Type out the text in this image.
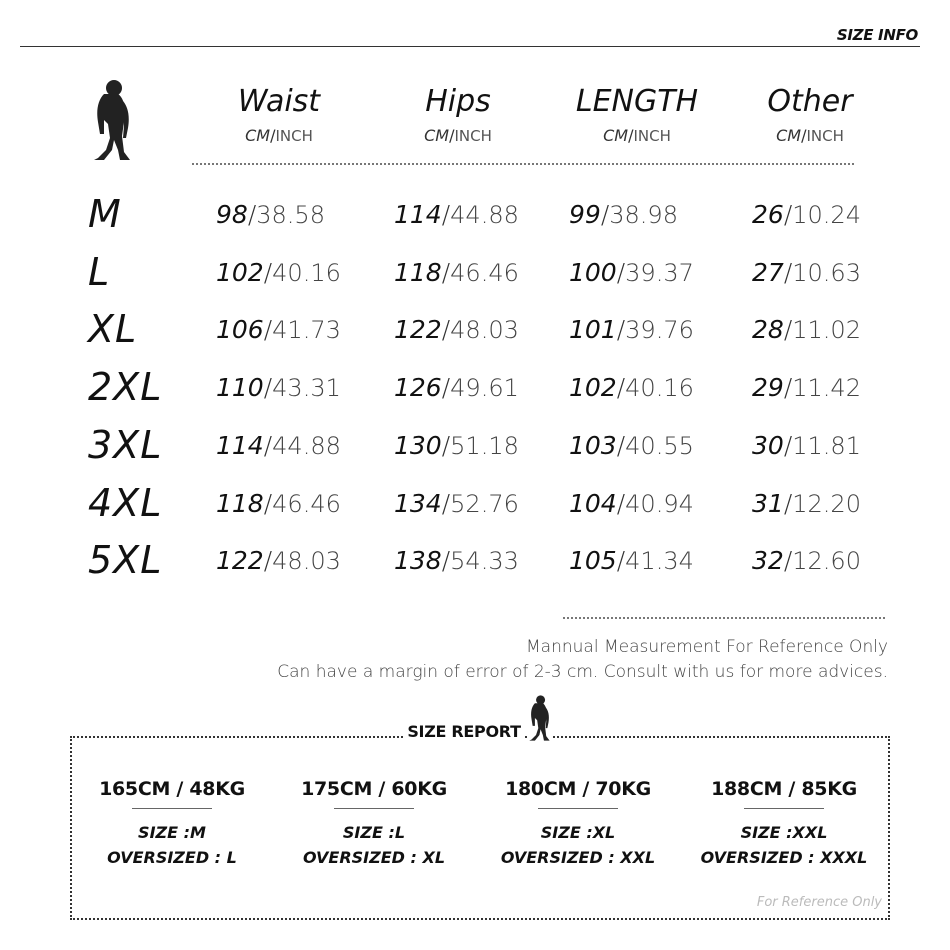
SIZE INFO
Waist
CM/INCH
Hips
CM/INCH
LENGTH
CM/INCH
Other
CM/INCH
M	98/38.58	114/44.88 99/38.98	26/10.24
L	102/40.16 118/46.46 100/39.37 27/10.63
XL	106/41.73 122/48.03 101/39.76 28/11.02
2XL 110/43.31 126/49.61 102/40.16 29/11.42
3XL 114/44.88 130/51.18 103/40.55 30/11.81
4XL 118/46.46 134/52.76 104/40.94 31/12.20
5XL 122/48.03 138/54.33 105/41.34 32/12.60
Mannual Measurement For Reference Only
Can have a margin of error of 2-3 cm. Consult with us for more advices.
SIZE REPORT
165CM / 48KG
SIZE :M
OVERSIZED : L
175CM / 60KG
SIZE :L
OVERSIZED : XL
180CM / 70KG
SIZE :XL
OVERSIZED : XXL
188CM / 85KG
SIZE :XXL
OVERSIZED : XXXL
For Reference Only
